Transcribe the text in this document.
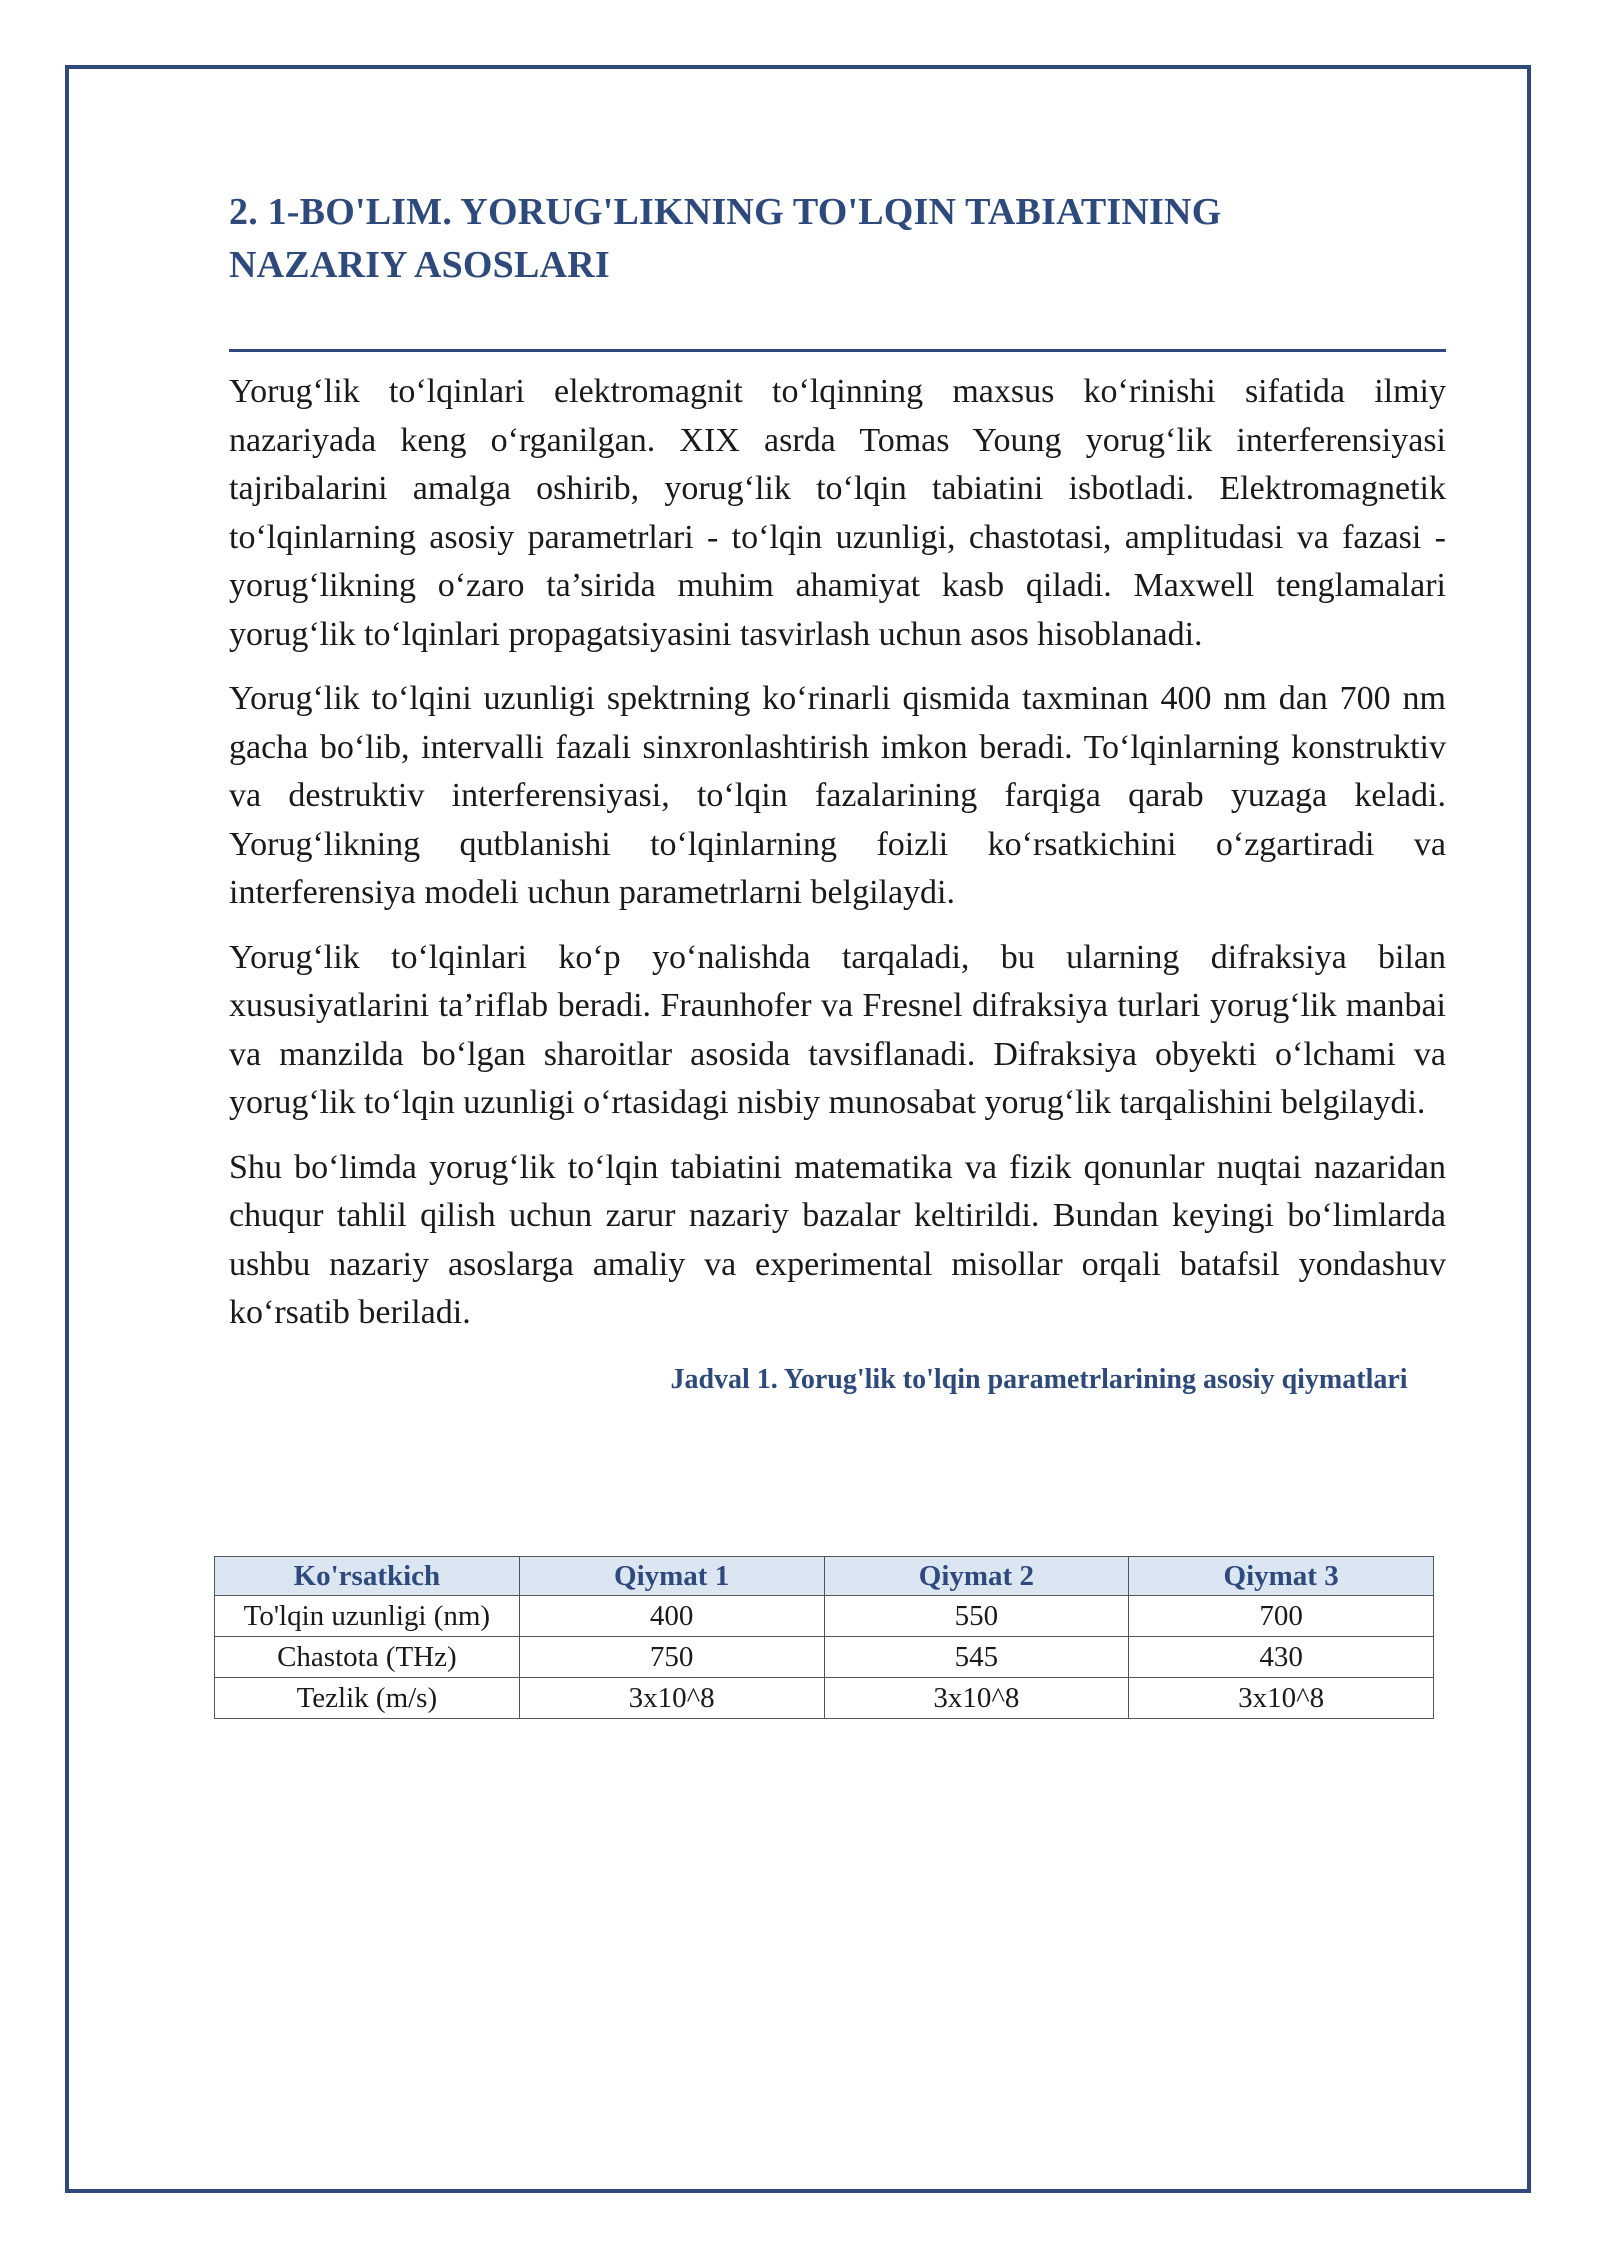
2. 1-BO'LIM. YORUG'LIKNING TO'LQIN TABIATINING
NAZARIY ASOSLARI

Yorug‘lik to‘lqinlari elektromagnit to‘lqinning maxsus ko‘rinishi sifatida ilmiy nazariyada keng o‘rganilgan. XIX asrda Tomas Young yorug‘lik interferensiyasi tajribalarini amalga oshirib, yorug‘lik to‘lqin tabiatini isbotladi. Elektromagnetik to‘lqinlarning asosiy parametrlari - to‘lqin uzunligi, chastotasi, amplitudasi va fazasi - yorug‘likning o‘zaro ta’sirida muhim ahamiyat kasb qiladi. Maxwell tenglamalari yorug‘lik to‘lqinlari propagatsiyasini tasvirlash uchun asos hisoblanadi.

Yorug‘lik to‘lqini uzunligi spektrning ko‘rinarli qismida taxminan 400 nm dan 700 nm gacha bo‘lib, intervalli fazali sinxronlashtirish imkon beradi. To‘lqinlarning konstruktiv va destruktiv interferensiyasi, to‘lqin fazalarining farqiga qarab yuzaga keladi. Yorug‘likning qutblanishi to‘lqinlarning foizli ko‘rsatkichini o‘zgartiradi va interferensiya modeli uchun parametrlarni belgilaydi.

Yorug‘lik to‘lqinlari ko‘p yo‘nalishda tarqaladi, bu ularning difraksiya bilan xususiyatlarini ta’riflab beradi. Fraunhofer va Fresnel difraksiya turlari yorug‘lik manbai va manzilda bo‘lgan sharoitlar asosida tavsiflanadi. Difraksiya obyekti o‘lchami va yorug‘lik to‘lqin uzunligi o‘rtasidagi nisbiy munosabat yorug‘lik tarqalishini belgilaydi.

Shu bo‘limda yorug‘lik to‘lqin tabiatini matematika va fizik qonunlar nuqtai nazaridan chuqur tahlil qilish uchun zarur nazariy bazalar keltirildi. Bundan keyingi bo‘limlarda ushbu nazariy asoslarga amaliy va experimental misollar orqali batafsil yondashuv ko‘rsatib beriladi.

Jadval 1. Yorug'lik to'lqin parametrlarining asosiy qiymatlari
Ko'rsatkich	Qiymat 1	Qiymat 2	Qiymat 3
To'lqin uzunligi (nm)	400	550	700
Chastota (THz)	750	545	430
Tezlik (m/s)	3x10^8	3x10^8	3x10^8
